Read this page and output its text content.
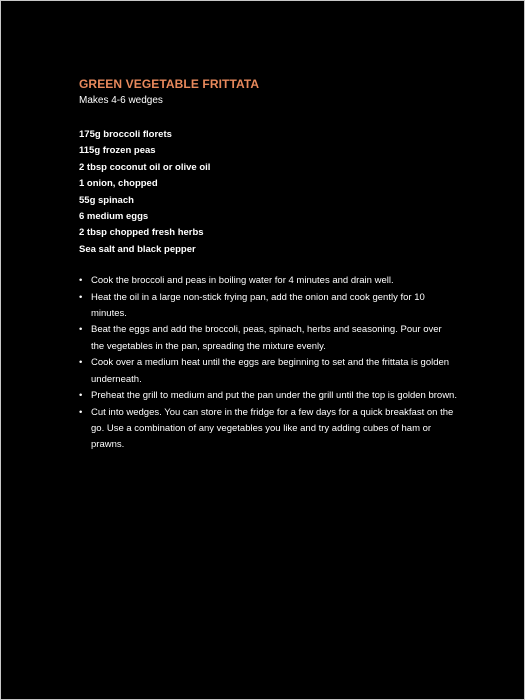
GREEN VEGETABLE FRITTATA

Makes 4-6 wedges

175g broccoli florets
115g frozen peas
2 tbsp coconut oil or olive oil
1 onion, chopped
55g spinach
6 medium eggs
2 tbsp chopped fresh herbs
Sea salt and black pepper
• Cook the broccoli and peas in boiling water for 4 minutes and drain well.
• Heat the oil in a large non-stick frying pan, add the onion and cook gently for 10 minutes.
• Beat the eggs and add the broccoli, peas, spinach, herbs and seasoning. Pour over the vegetables in the pan, spreading the mixture evenly.
• Cook over a medium heat until the eggs are beginning to set and the frittata is golden underneath.
• Preheat the grill to medium and put the pan under the grill until the top is golden brown.
• Cut into wedges. You can store in the fridge for a few days for a quick breakfast on the go. Use a combination of any vegetables you like and try adding cubes of ham or prawns.
